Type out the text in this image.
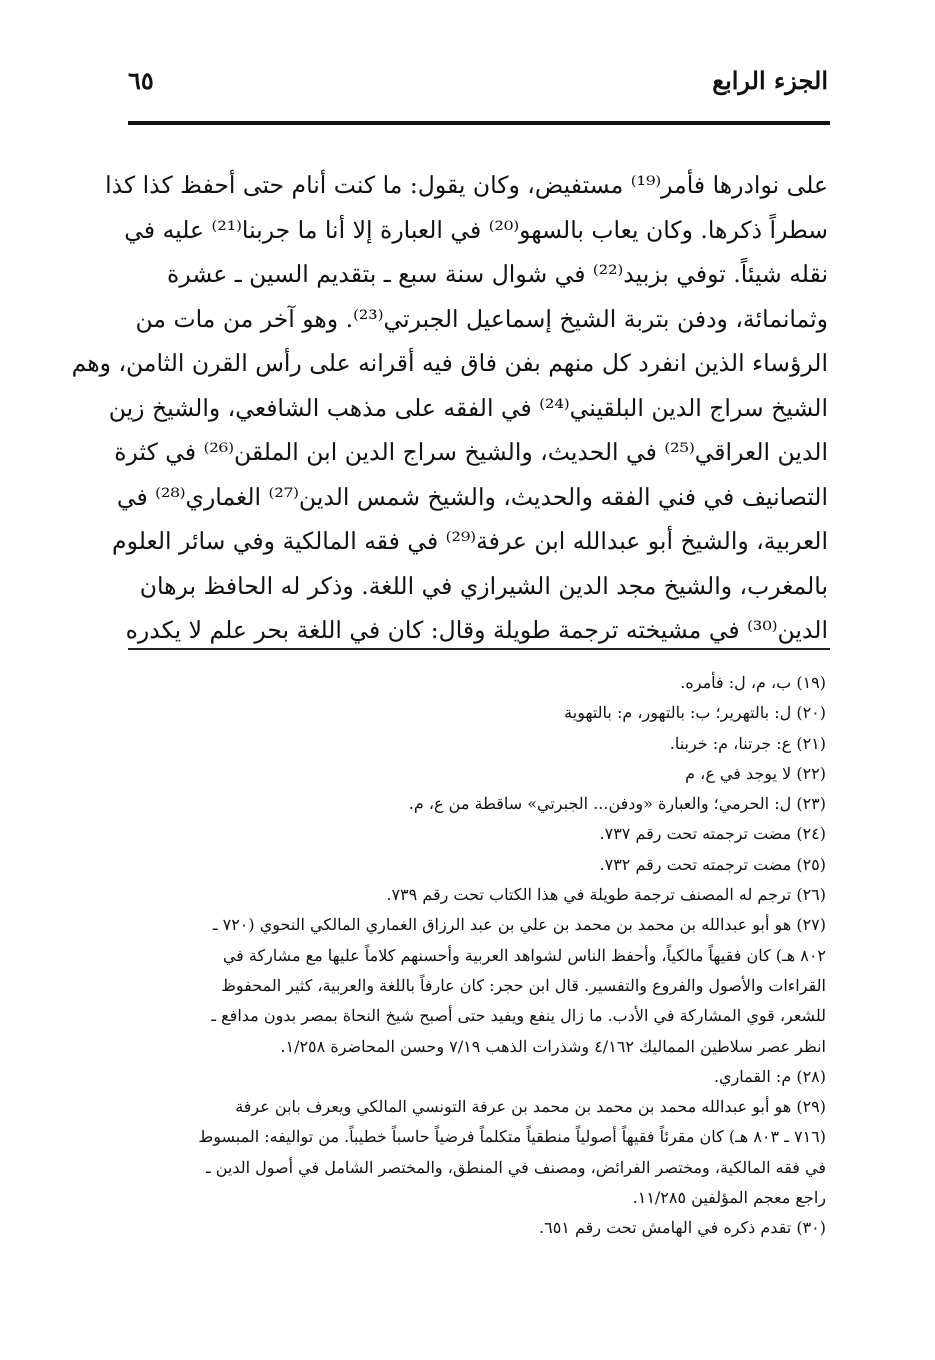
الجزء الرابع
٦٥
على نوادرها فأمر⁽¹⁹⁾ مستفيض، وكان يقول: ما كنت أنام حتى أحفظ كذا كذا
سطراً ذكرها. وكان يعاب بالسهو⁽²⁰⁾ في العبارة إلا أنا ما جربنا⁽²¹⁾ عليه في
نقله شيئاً. توفي بزبيد⁽²²⁾ في شوال سنة سبع ـ بتقديم السين ـ عشرة
وثمانمائة، ودفن بتربة الشيخ إسماعيل الجبرتي⁽²³⁾. وهو آخر من مات من
الرؤساء الذين انفرد كل منهم بفن فاق فيه أقرانه على رأس القرن الثامن، وهم
الشيخ سراج الدين البلقيني⁽²⁴⁾ في الفقه على مذهب الشافعي، والشيخ زين
الدين العراقي⁽²⁵⁾ في الحديث، والشيخ سراج الدين ابن الملقن⁽²⁶⁾ في كثرة
التصانيف في فني الفقه والحديث، والشيخ شمس الدين⁽²⁷⁾ الغماري⁽²⁸⁾ في
العربية، والشيخ أبو عبدالله ابن عرفة⁽²⁹⁾ في فقه المالكية وفي سائر العلوم
بالمغرب، والشيخ مجد الدين الشيرازي في اللغة. وذكر له الحافظ برهان
الدين⁽³⁰⁾ في مشيخته ترجمة طويلة وقال: كان في اللغة بحر علم لا يكدره
(١٩) ب، م، ل: فأمره.
(٢٠) ل: بالتهرير؛ ب: بالتهور، م: بالتهوية
(٢١) ع: جرتنا، م: خربنا.
(٢٢) لا يوجد في ع، م
(٢٣) ل: الحرمي؛ والعبارة «ودفن... الجبرتي» ساقطة من ع، م.
(٢٤) مضت ترجمته تحت رقم ٧٣٧.
(٢٥) مضت ترجمته تحت رقم ٧٣٢.
(٢٦) ترجم له المصنف ترجمة طويلة في هذا الكتاب تحت رقم ٧٣٩.
(٢٧) هو أبو عبدالله بن محمد بن محمد بن علي بن عبد الرزاق الغماري المالكي النحوي (٧٢٠ ـ
٨٠٢ هـ) كان فقيهاً مالكياً، وأحفظ الناس لشواهد العربية وأحسنهم كلاماً عليها مع مشاركة في
القراءات والأصول والفروع والتفسير. قال ابن حجر: كان عارفاً باللغة والعربية، كثير المحفوظ
للشعر، قوي المشاركة في الأدب. ما زال ينفع ويفيد حتى أصبح شيخ النحاة بمصر بدون مدافع ـ
انظر عصر سلاطين المماليك ٤/١٦٢ وشذرات الذهب ٧/١٩ وحسن المحاضرة ١/٢٥٨.
(٢٨) م: القماري.
(٢٩) هو أبو عبدالله محمد بن محمد بن محمد بن عرفة التونسي المالكي ويعرف بابن عرفة
(٧١٦ ـ ٨٠٣ هـ) كان مقرئاً فقيهاً أصولياً منطقياً متكلماً فرضياً حاسباً خطيباً. من تواليفه: المبسوط
في فقه المالكية، ومختصر الفرائض، ومصنف في المنطق، والمختصر الشامل في أصول الدين ـ
راجع معجم المؤلفين ١١/٢٨٥.
(٣٠) تقدم ذكره في الهامش تحت رقم ٦٥١.
